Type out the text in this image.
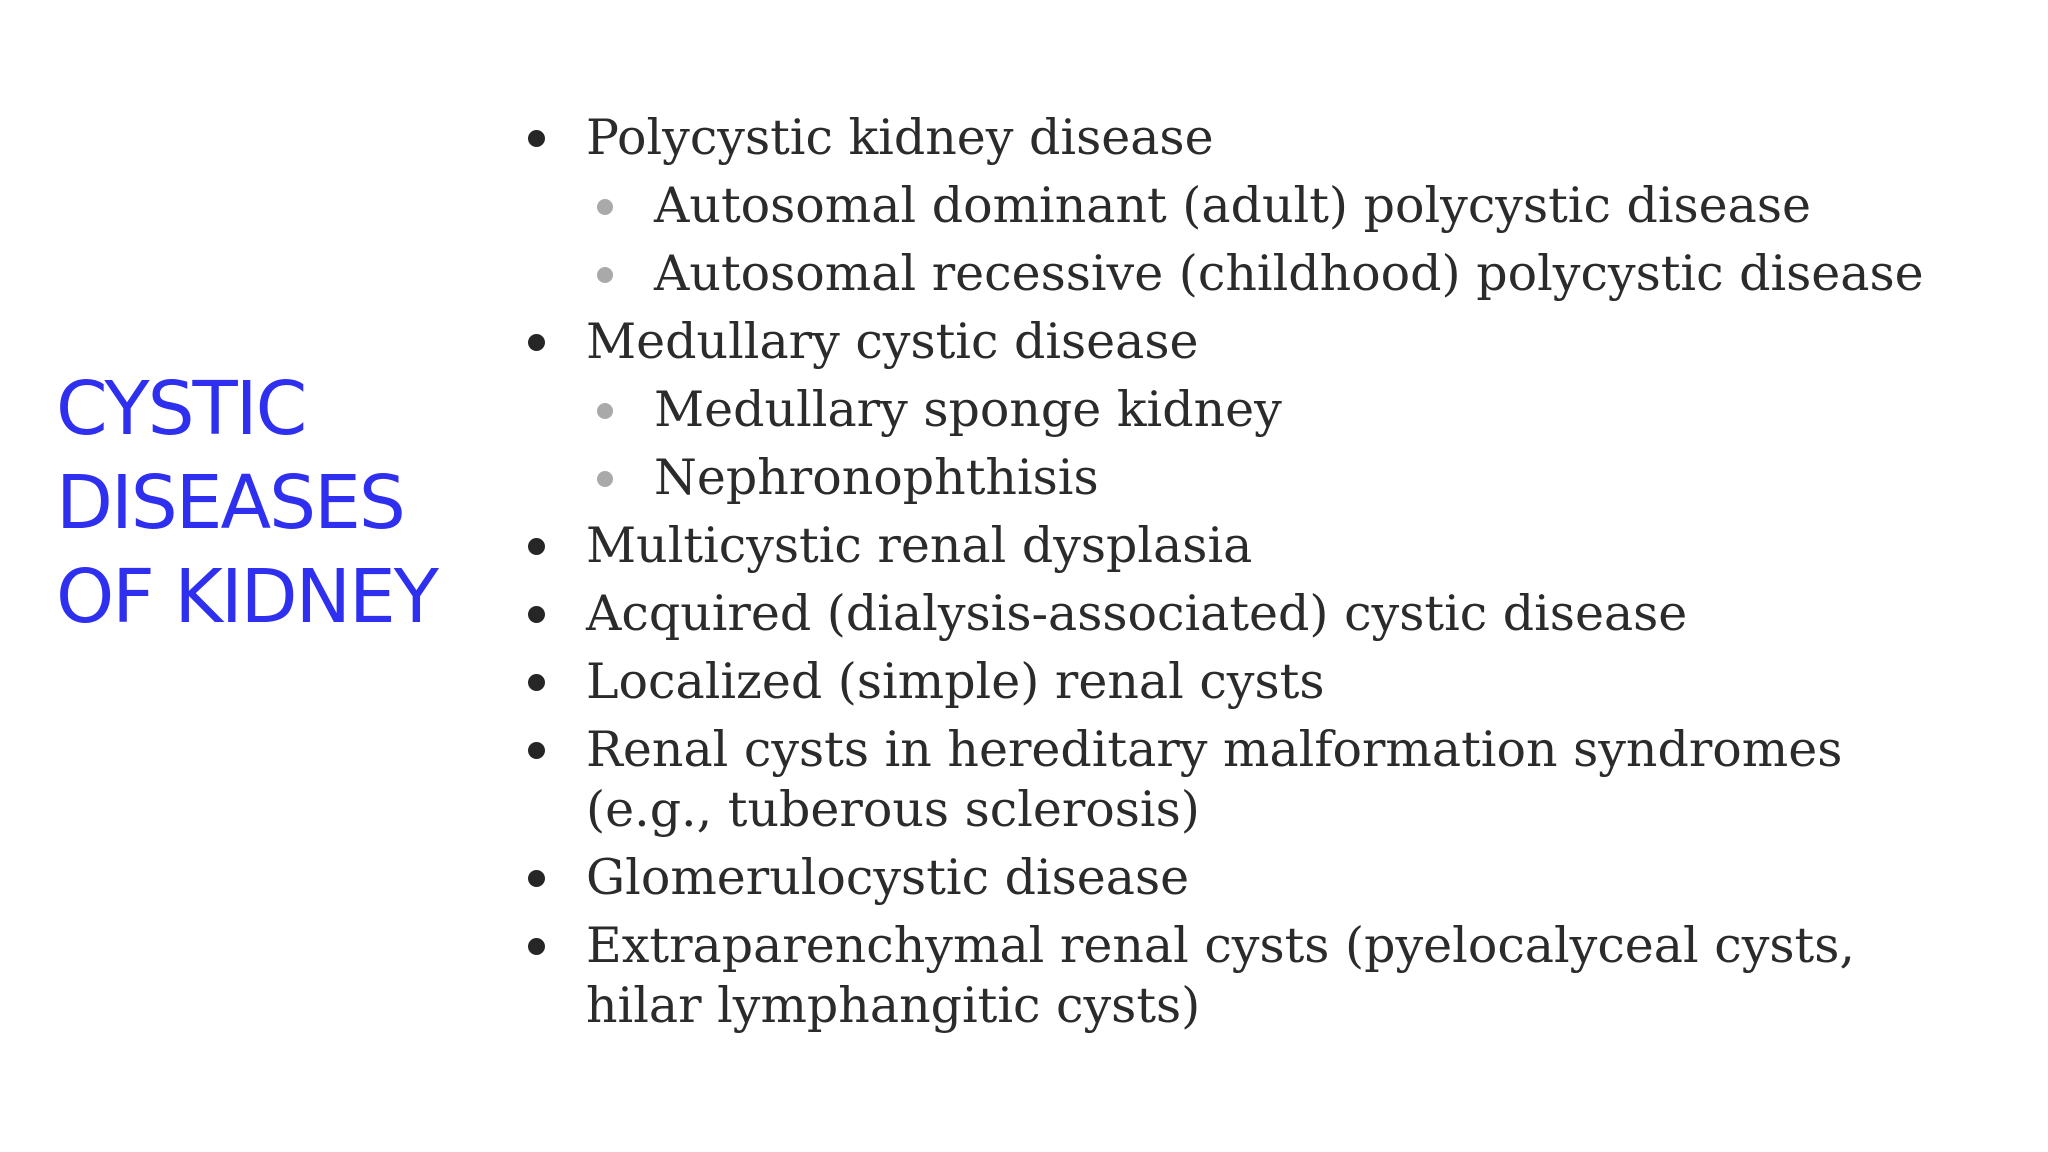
CYSTIC
DISEASES
OF KIDNEY
Polycystic kidney disease
Autosomal dominant (adult) polycystic disease
Autosomal recessive (childhood) polycystic disease
Medullary cystic disease
Medullary sponge kidney
Nephronophthisis
Multicystic renal dysplasia
Acquired (dialysis-associated) cystic disease
Localized (simple) renal cysts
Renal cysts in hereditary malformation syndromes (e.g., tuberous sclerosis)
Glomerulocystic disease
Extraparenchymal renal cysts (pyelocalyceal cysts, hilar lymphangitic cysts)
